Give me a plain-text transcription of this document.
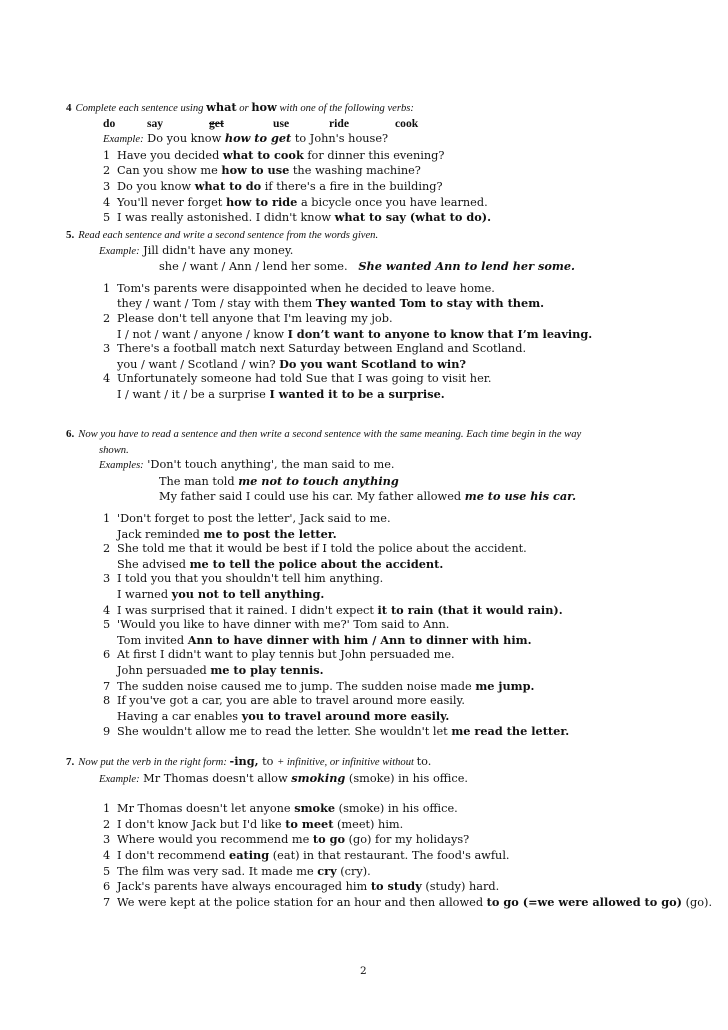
4 Complete each sentence using what or how with one of the following verbs:
do	say	get	use	ride	cook
Example: Do you know how to get to John's house?
1 Have you decided what to cook for dinner this evening?
2 Can you show me how to use the washing machine?
3 Do you know what to do if there's a fire in the building?
4 You'll never forget how to ride a bicycle once you have learned.
5 I was really astonished. I didn't know what to say (what to do).
5. Read each sentence and write a second sentence from the words given.
Example: Jill didn't have any money.
she / want / Ann / lend her some. She wanted Ann to lend her some.
1 Tom's parents were disappointed when he decided to leave home.
they / want / Tom / stay with them They wanted Tom to stay with them.
2 Please don't tell anyone that I'm leaving my job.
I / not / want / anyone / know I don’t want to anyone to know that I’m leaving.
3 There's a football match next Saturday between England and Scotland.
you / want / Scotland / win? Do you want Scotland to win?
4 Unfortunately someone had told Sue that I was going to visit her.
I / want / it / be a surprise I wanted it to be a surprise.
6. Now you have to read a sentence and then write a second sentence with the same meaning. Each time begin in the way
shown.
Examples: 'Don't touch anything', the man said to me.
The man told me not to touch anything
My father said I could use his car. My father allowed me to use his car.
1 'Don't forget to post the letter', Jack said to me.
Jack reminded me to post the letter.
2 She told me that it would be best if I told the police about the accident.
She advised me to tell the police about the accident.
3 I told you that you shouldn't tell him anything.
I warned you not to tell anything.
4 I was surprised that it rained. I didn't expect it to rain (that it would rain).
5 'Would you like to have dinner with me?' Tom said to Ann.
Tom invited Ann to have dinner with him / Ann to dinner with him.
6 At first I didn't want to play tennis but John persuaded me.
John persuaded me to play tennis.
7 The sudden noise caused me to jump. The sudden noise made me jump.
8 If you've got a car, you are able to travel around more easily.
Having a car enables you to travel around more easily.
9 She wouldn't allow me to read the letter. She wouldn't let me read the letter.
7. Now put the verb in the right form: -ing, to + infinitive, or infinitive without to.
Example: Mr Thomas doesn't allow smoking (smoke) in his office.
1 Mr Thomas doesn't let anyone smoke (smoke) in his office.
2 I don't know Jack but I'd like to meet (meet) him.
3 Where would you recommend me to go (go) for my holidays?
4 I don't recommend eating (eat) in that restaurant. The food's awful.
5 The film was very sad. It made me cry (cry).
6 Jack's parents have always encouraged him to study (study) hard.
7 We were kept at the police station for an hour and then allowed to go (=we were allowed to go) (go).
2
